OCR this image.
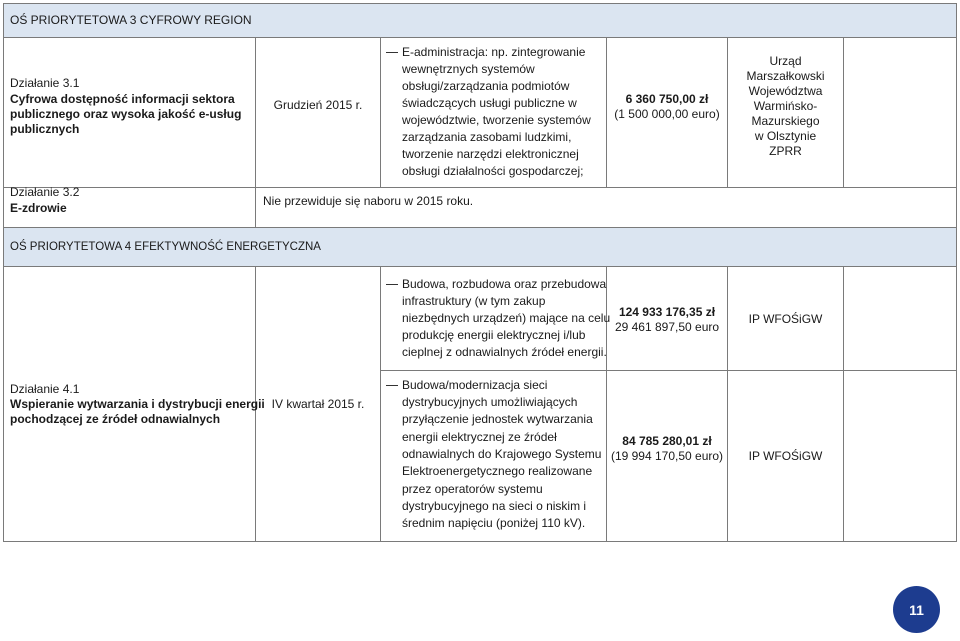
OŚ PRIORYTETOWA 3 CYFROWY REGION
OŚ PRIORYTETOWA 4 EFEKTYWNOŚĆ ENERGETYCZNA
Działanie 3.1
Cyfrowa dostępność informacji sektora
publicznego oraz wysoka jakość e-usług
publicznych
Grudzień 2015 r.
E-administracja: np. zintegrowanie
wewnętrznych systemów
obsługi/zarządzania podmiotów
świadczących usługi publiczne w
województwie, tworzenie systemów
zarządzania zasobami ludzkimi,
tworzenie narzędzi elektronicznej
obsługi działalności gospodarczej;
6 360 750,00 zł
(1 500 000,00 euro)
Urząd
Marszałkowski
Województwa
Warmińsko-
Mazurskiego
w Olsztynie
ZPRR
Działanie 3.2
E-zdrowie	Nie przewiduje się naboru w 2015 roku.
Działanie 4.1
Wspieranie wytwarzania i dystrybucji energii
pochodzącej ze źródeł odnawialnych
IV kwartał 2015 r.
Budowa, rozbudowa oraz przebudowa
infrastruktury (w tym zakup
niezbędnych urządzeń) mające na celu
produkcję energii elektrycznej i/lub
cieplnej z odnawialnych źródeł energii.
124 933 176,35 zł
29 461 897,50 euro
IP WFOŚiGW
Budowa/modernizacja sieci
dystrybucyjnych umożliwiających
przyłączenie jednostek wytwarzania
energii elektrycznej ze źródeł
odnawialnych do Krajowego Systemu
Elektroenergetycznego realizowane
przez operatorów systemu
dystrybucyjnego na sieci o niskim i
średnim napięciu (poniżej 110 kV).
84 785 280,01 zł
(19 994 170,50 euro)	IP WFOŚiGW
11
